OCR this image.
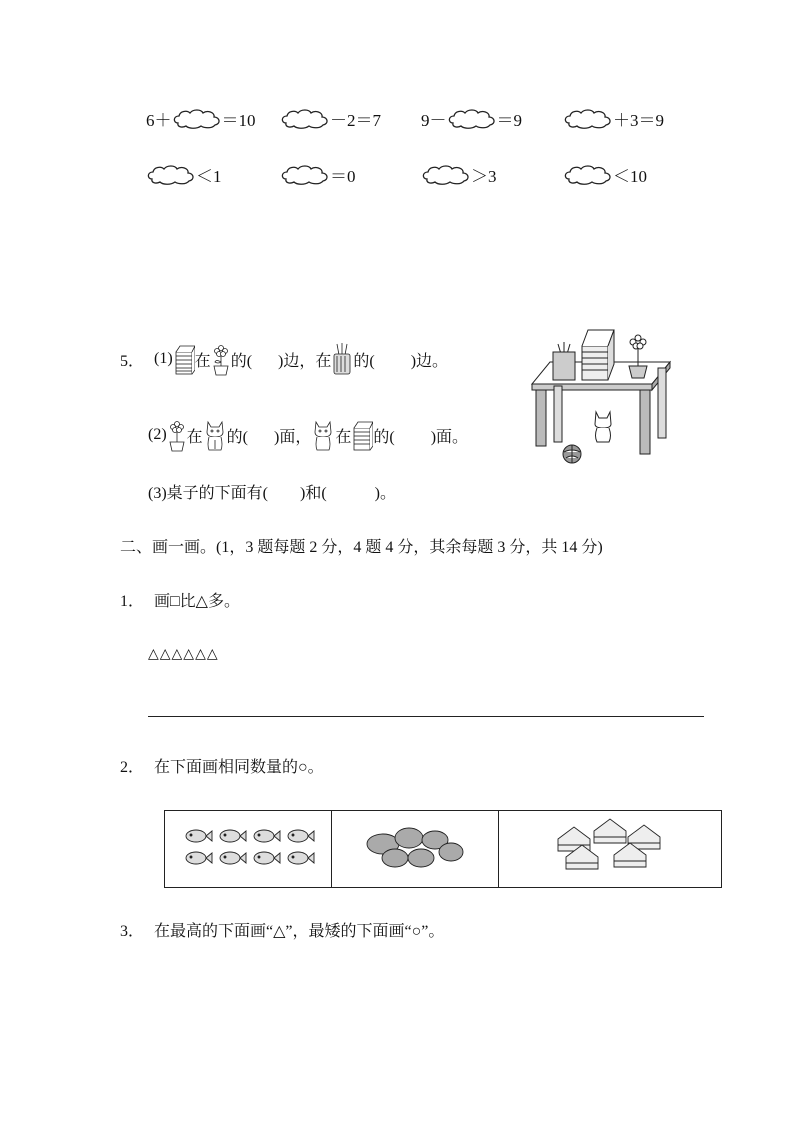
6＋	＝10	－2＝7 9－	＝9	＋3＝9
＜1	＝0	＞3	＜10
5． (1) 在 的( )边，在 的( )边。
(2) 在 的( )面， 在 的( )面。
(3)桌子的下面有(　　)和(　　　)。
二、画一画。(1，3 题每题 2 分，4 题 4 分，其余每题 3 分，共 14 分)
1． 画□比△多。
△△△△△△
2． 在下面画相同数量的○。

3． 在最高的下面画“△”，最矮的下面画“○”。
